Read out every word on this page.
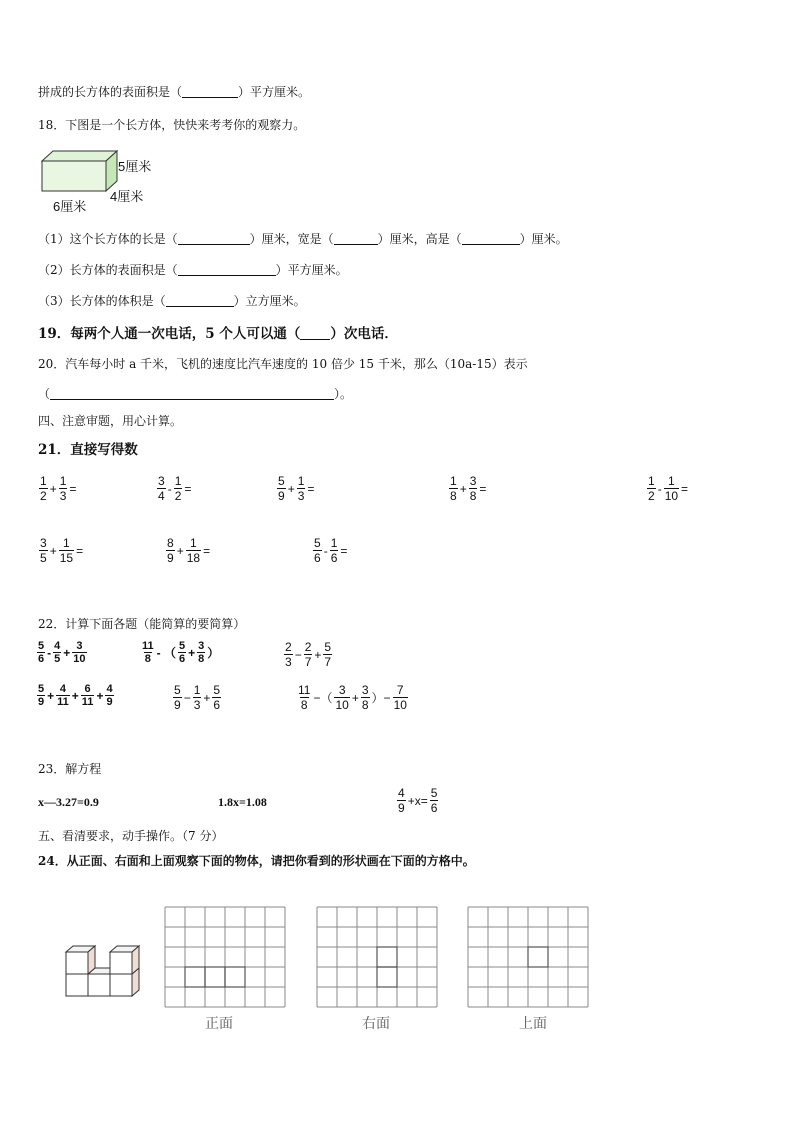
拼成的长方体的表面积是（	）平方厘米。
18．下图是一个长方体，快快来考考你的观察力。
5厘米
4厘米
6厘米
（1）这个长方体的长是（	）厘米，宽是（	）厘米，高是（	）厘米。
（2）长方体的表面积是（	）平方厘米。
（3）长方体的体积是（	）立方厘米。
19．每两个人通一次电话，5 个人可以通（ ）次电话．
20．汽车每小时 a 千米，飞机的速度比汽车速度的 10 倍少 15 千米，那么（10a-15）表示
（	）。
四、注意审题，用心计算。
21．直接写得数
22．计算下面各题（能简算的要简算）
23．解方程
x—3.27=0.9	1.8x=1.08
五、看清要求，动手操作。（7 分）
24．从正面、右面和上面观察下面的物体，请把你看到的形状画在下面的方格中。
正面	右面	上面
$\frac{1}{2} + \frac{1}{3}$ =	$\frac{3}{4} - \frac{1}{2}$ =	$\frac{5}{9} + \frac{1}{3}$ =	$\frac{1}{8} + \frac{3}{8}$ =	$\frac{1}{2} - \frac{1}{10}$ =
$\frac{3}{5} + \frac{1}{15}$ =	$\frac{8}{9} + \frac{1}{18}$ =	$\frac{5}{6} - \frac{1}{6}$ =
$\frac{5}{6} - \frac{4}{5} + \frac{3}{10}$	$\frac{11}{8}$ - （ $\frac{5}{6} + \frac{3}{8}$ ）	$\frac{2}{3} - \frac{2}{7} + \frac{5}{7}$
$\frac{5}{9} + \frac{4}{11} + \frac{6}{11} + \frac{4}{9}$	$\frac{5}{9} - \frac{1}{3} + \frac{5}{6}$	$\frac{11}{8}$ −（ $\frac{3}{10} + \frac{3}{8}$ ）− $\frac{7}{10}$
$\frac{4}{9} +x= \frac{5}{6}$
